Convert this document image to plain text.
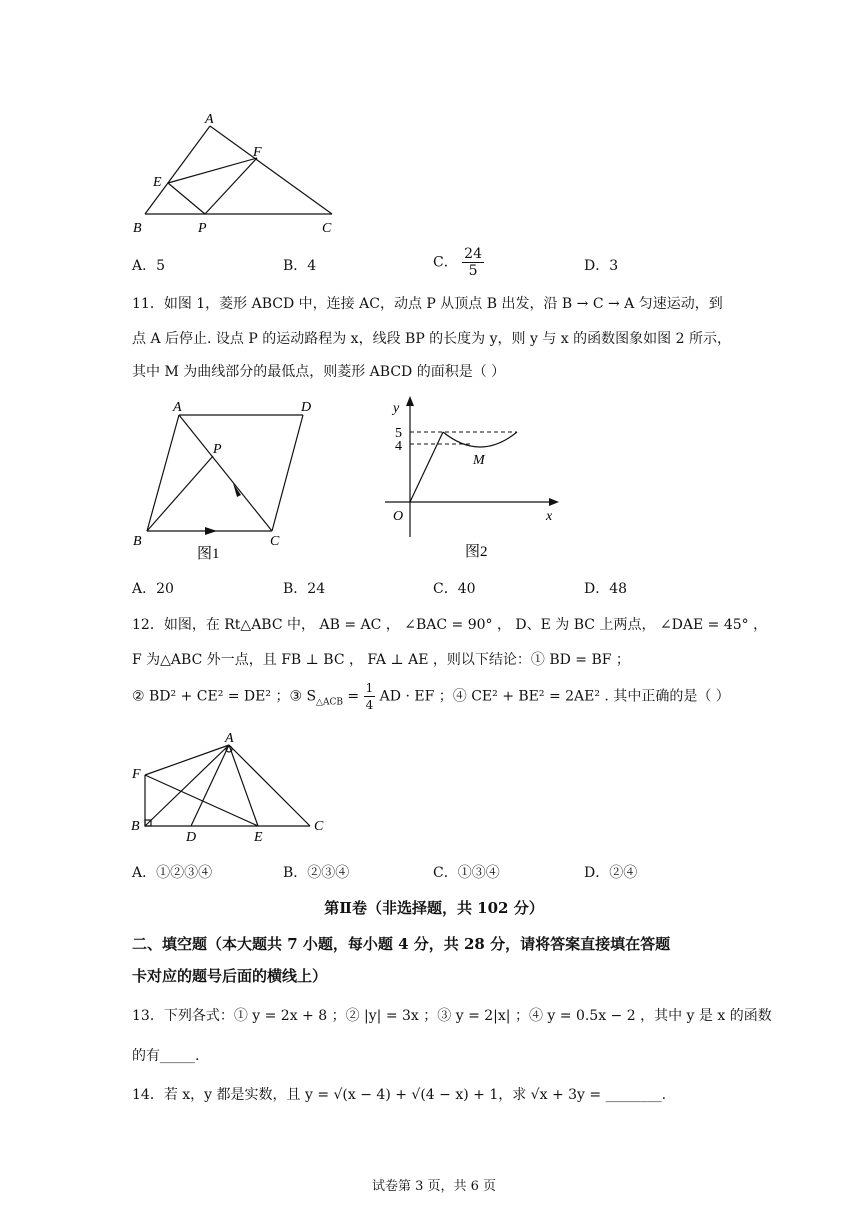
A
B	C
E
F
P
A．5	B．4	C． $\frac{24}{5}$	D．3
11．如图 1，菱形 ABCD 中，连接 AC，动点 P 从顶点 B 出发，沿 B → C → A 匀速运动，到
点 A 后停止. 设点 P 的运动路程为 x，线段 BP 的长度为 y，则 y 与 x 的函数图象如图 2 所示，
其中 M 为曲线部分的最低点，则菱形 ABCD 的面积是（ ）
A	D
B	C
P
图1
y
x
O
5
4
M
图2
A．20	B．24	C．40	D．48
12．如图，在 Rt△ABC 中， AB = AC ， ∠BAC = 90° ， D、E 为 BC 上两点， ∠DAE = 45° ，
F 为△ABC 外一点，且 FB ⊥ BC ， FA ⊥ AE ，则以下结论：① BD = BF ；
② BD² + CE² = DE² ；③ $S_{\triangle ACB} = \frac{1}{4}$ AD · EF ；④ CE² + BE² = 2AE² . 其中正确的是（ ）
A
B	C
D	E
F
A．①②③④	B．②③④	C．①③④	D．②④
第Ⅱ卷（非选择题，共 102 分）
二、填空题（本大题共 7 小题，每小题 4 分，共 28 分，请将答案直接填在答题
卡对应的题号后面的横线上）
13．下列各式：① y = 2x + 8 ；② |y| = 3x ；③ y = 2|x| ；④ y = 0.5x − 2 ，其中 y 是 x 的函数
的有_____.
14．若 x，y 都是实数，且 y = √(x − 4) + √(4 − x) + 1，求 √x + 3y = ________.
试卷第 3 页，共 6 页
